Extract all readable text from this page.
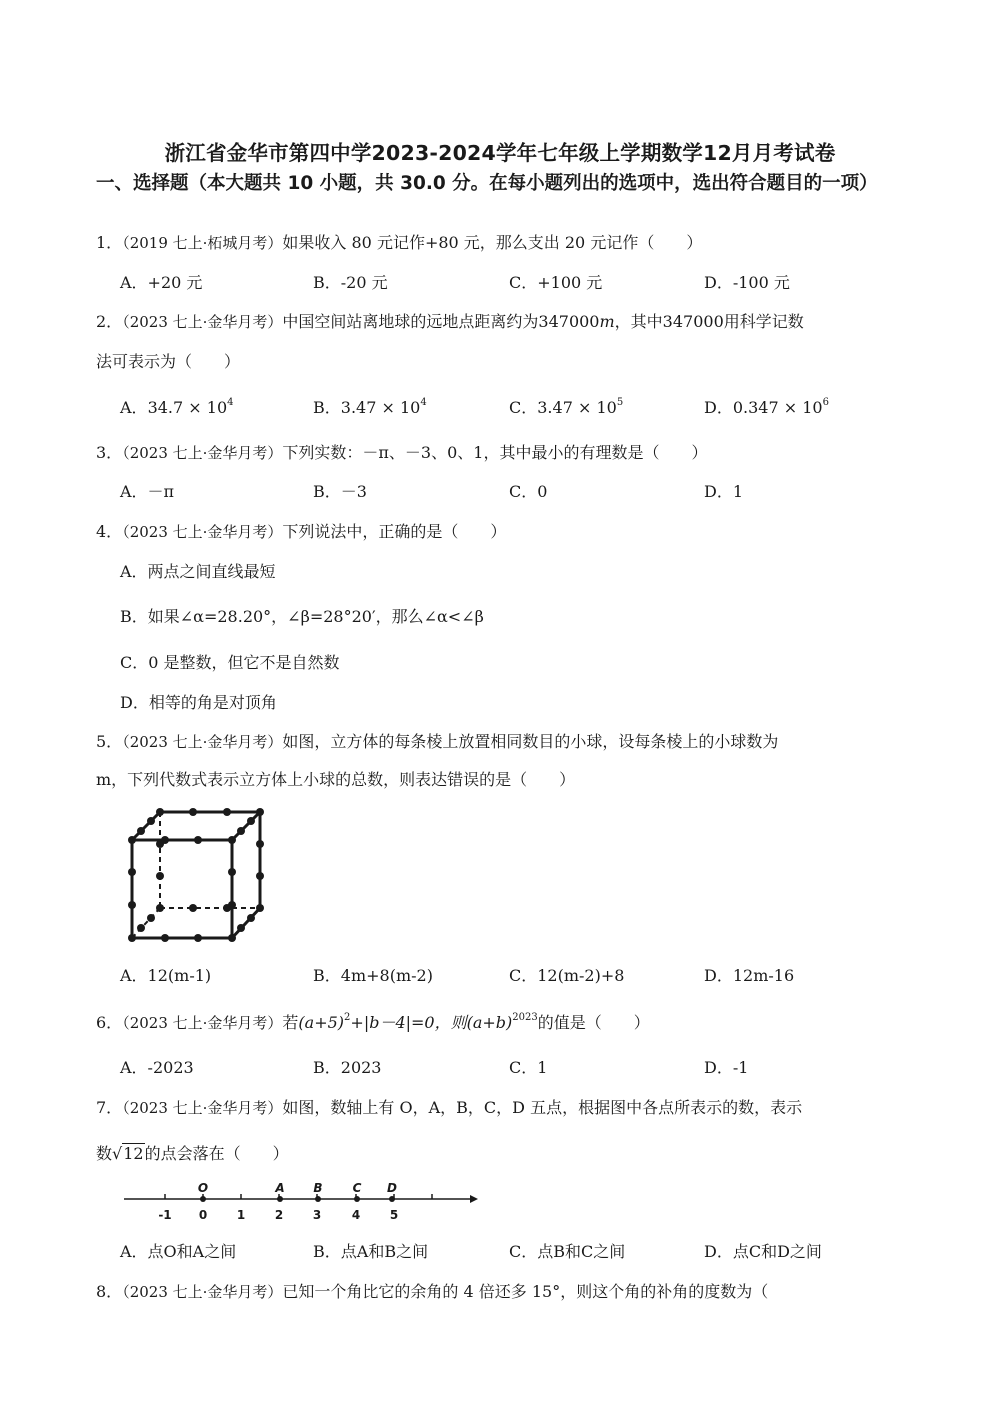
浙江省金华市第四中学2023-2024学年七年级上学期数学12月月考试卷
一、选择题（本大题共 10 小题，共 30.0 分。在每小题列出的选项中，选出符合题目的一项）
1．（2019 七上·柘城月考）如果收入 80 元记作+80 元，那么支出 20 元记作（　　）
A．+20 元	B．-20 元	C．+100 元	D．-100 元
2．（2023 七上·金华月考）中国空间站离地球的远地点距离约为347000m，其中347000用科学记数
法可表示为（　　）
A．$34.7 \times 10^4$	B．$3.47 \times 10^4$	C．$3.47 \times 10^5$	D．$0.347 \times 10^6$
3．（2023 七上·金华月考）下列实数：－π、－3、0、1，其中最小的有理数是（　　）
A．－π	B．－3	C．0	D．1
4．（2023 七上·金华月考）下列说法中，正确的是（　　）
A．两点之间直线最短
B．如果∠α=28.20°，∠β=28°20′，那么∠α<∠β
C．0 是整数，但它不是自然数
D．相等的角是对顶角
5．（2023 七上·金华月考）如图，立方体的每条棱上放置相同数目的小球，设每条棱上的小球数为
m，下列代数式表示立方体上小球的总数，则表达错误的是（　　）
A．12(m-1)	B．4m+8(m-2)	C．12(m-2)+8	D．12m-16
6．（2023 七上·金华月考）若$(a+5)^2+|b-4|=0$，则$(a+b)^{2023}$的值是（　　）
A．-2023	B．2023	C．1	D．-1
7．（2023 七上·金华月考）如图，数轴上有 O，A，B，C，D 五点，根据图中各点所表示的数，表示
数√12的点会落在（　　）
O	A B	C D
-1 0 1 2 3	4 5
A．点O和A之间	B．点A和B之间	C．点B和C之间	D．点C和D之间
8．（2023 七上·金华月考）已知一个角比它的余角的 4 倍还多 15°，则这个角的补角的度数为（
